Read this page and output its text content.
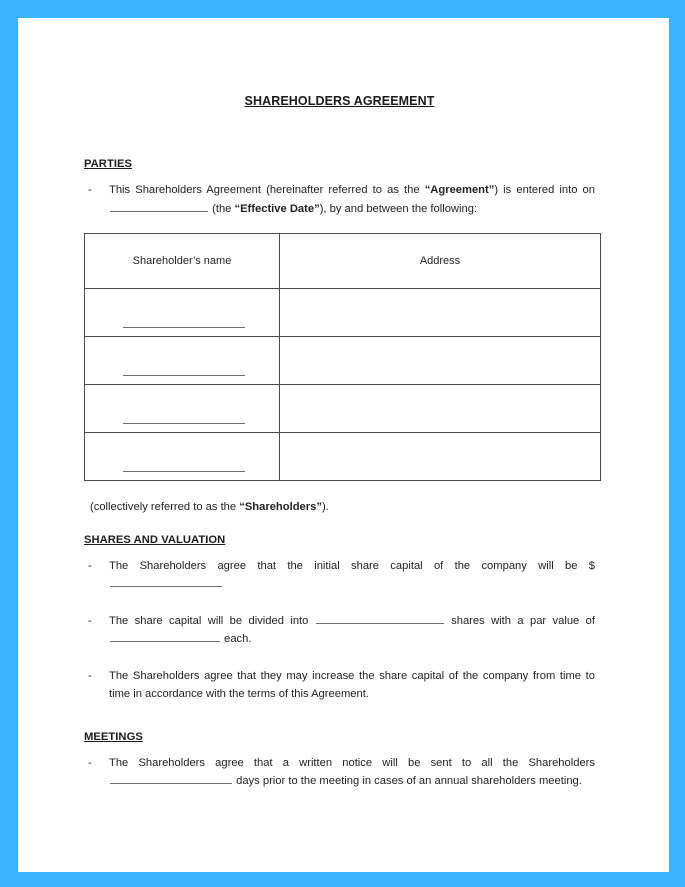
SHAREHOLDERS AGREEMENT
PARTIES
- This Shareholders Agreement (hereinafter referred to as the “Agreement”) is entered into on  (the “Effective Date”), by and between the following:
Shareholder’s name	Address

(collectively referred to as the “Shareholders”).
SHARES AND VALUATION
- The Shareholders agree that the initial share capital of the company will be $
- The share capital will be divided into	shares with a par value of  each.
- The Shareholders agree that they may increase the share capital of the company from time to time in accordance with the terms of this Agreement.
MEETINGS
- The Shareholders agree that a written notice will be sent to all the Shareholders  days prior to the meeting in cases of an annual shareholders meeting.
